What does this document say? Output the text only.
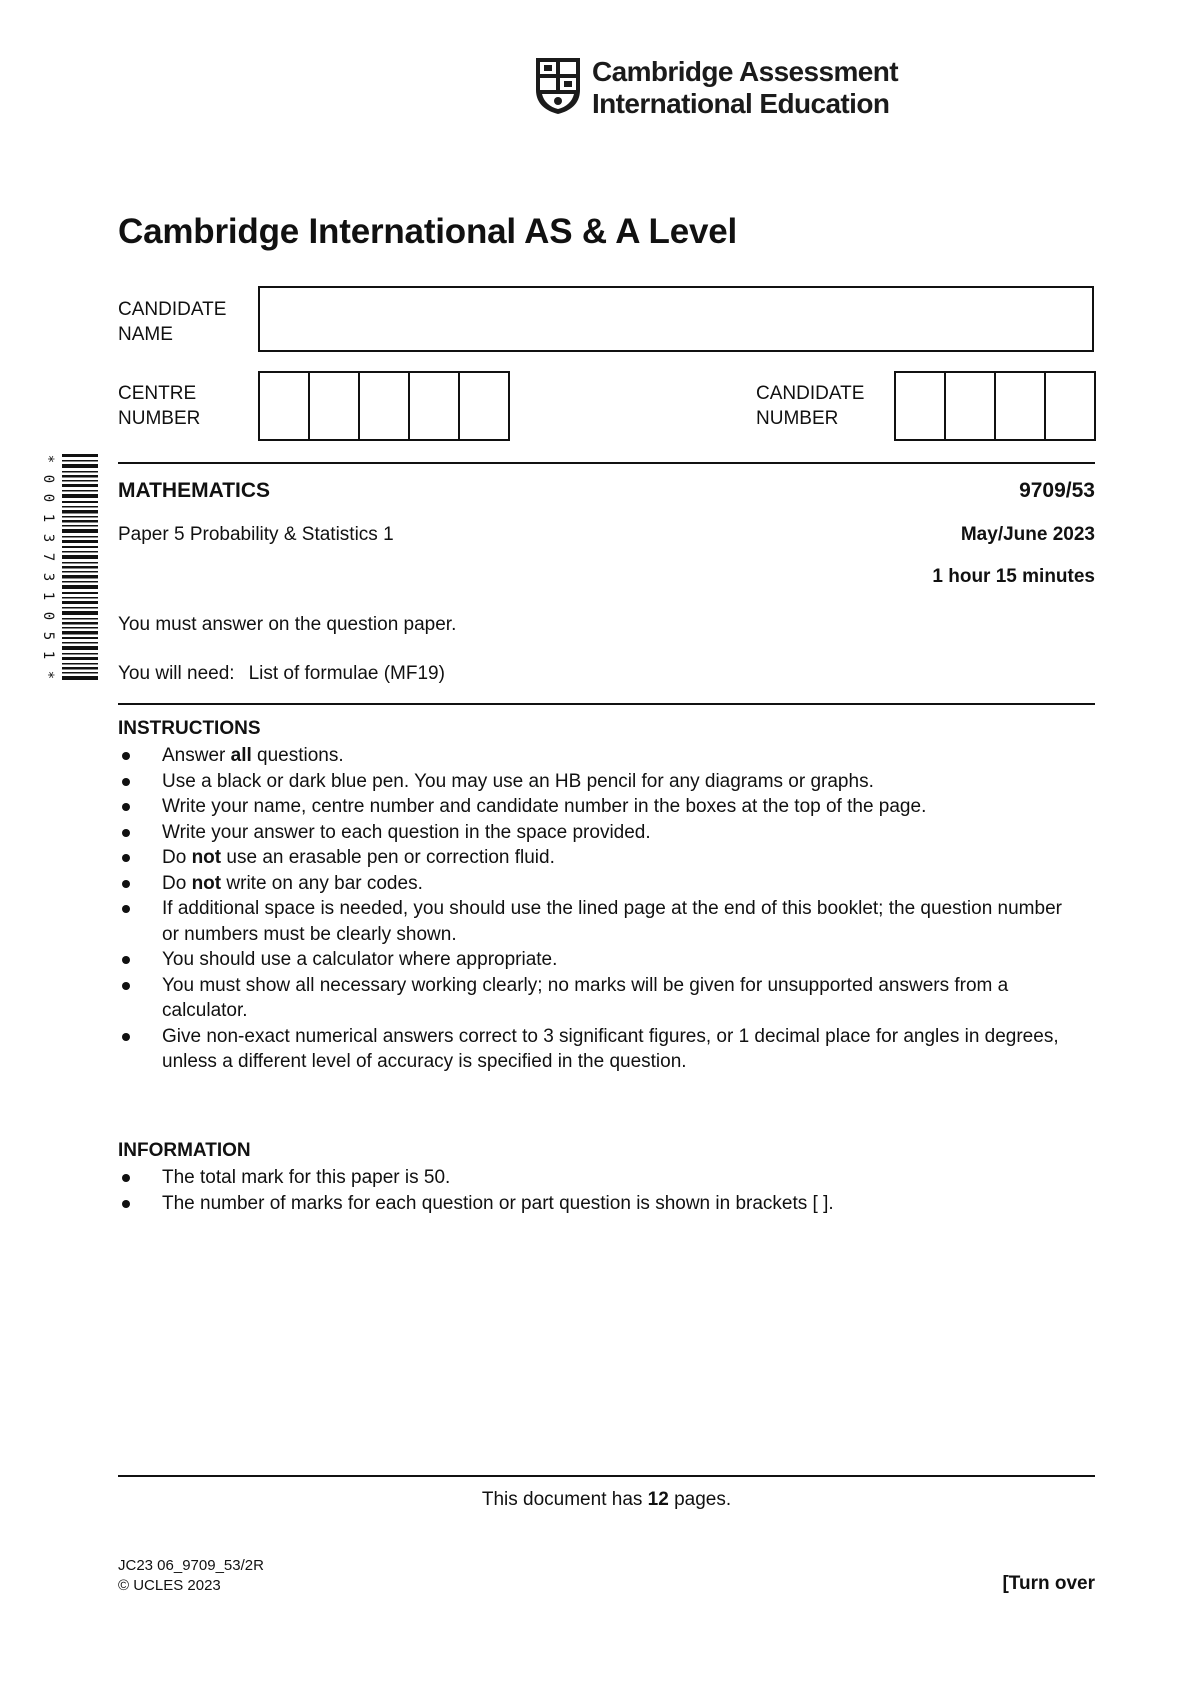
Cambridge Assessment
International Education
Cambridge International AS & A Level
CANDIDATE
NAME
CENTRE
NUMBER
CANDIDATE
NUMBER
*
0
0
1
3
7
3
1
0
5
1
*
MATHEMATICS	9709/53
Paper 5 Probability & Statistics 1	May/June 2023
1 hour 15 minutes
You must answer on the question paper.
You will need: List of formulae (MF19)
INSTRUCTIONS
Answer all questions.
Use a black or dark blue pen. You may use an HB pencil for any diagrams or graphs.
Write your name, centre number and candidate number in the boxes at the top of the page.
Write your answer to each question in the space provided.
Do not use an erasable pen or correction fluid.
Do not write on any bar codes.
If additional space is needed, you should use the lined page at the end of this booklet; the question number or numbers must be clearly shown.
You should use a calculator where appropriate.
You must show all necessary working clearly; no marks will be given for unsupported answers from a calculator.
Give non-exact numerical answers correct to 3 significant figures, or 1 decimal place for angles in degrees, unless a different level of accuracy is specified in the question.
INFORMATION
The total mark for this paper is 50.
The number of marks for each question or part question is shown in brackets [ ].
This document has 12 pages.
JC23 06_9709_53/2R
© UCLES 2023	[Turn over
